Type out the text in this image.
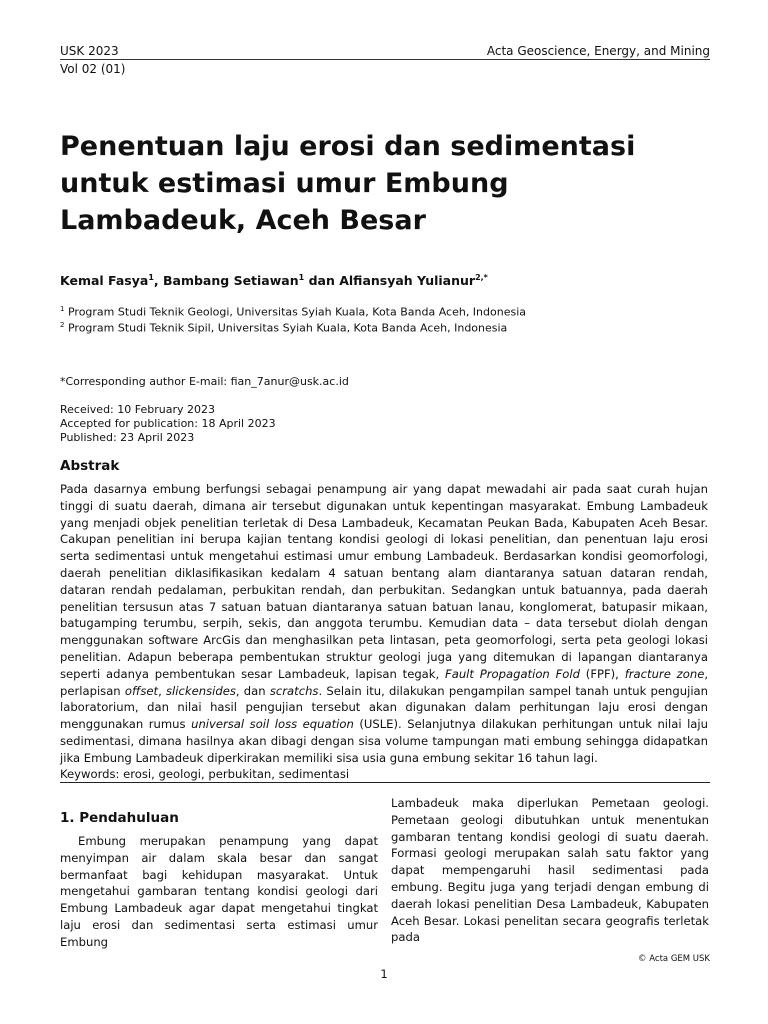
USK 2023	Acta Geoscience, Energy, and Mining
Vol 02 (01)
Penentuan laju erosi dan sedimentasi untuk estimasi umur Embung Lambadeuk, Aceh Besar
Kemal Fasya$^1$, Bambang Setiawan$^1$ dan Alfiansyah Yulianur$^{2,*}$
$^1$ Program Studi Teknik Geologi, Universitas Syiah Kuala, Kota Banda Aceh, Indonesia
$^2$ Program Studi Teknik Sipil, Universitas Syiah Kuala, Kota Banda Aceh, Indonesia
*Corresponding author E-mail: fian_7anur@usk.ac.id
Received: 10 February 2023
Accepted for publication: 18 April 2023
Published: 23 April 2023
Abstrak

Pada dasarnya embung berfungsi sebagai penampung air yang dapat mewadahi air pada saat curah hujan tinggi di suatu daerah, dimana air tersebut digunakan untuk kepentingan masyarakat. Embung Lambadeuk yang menjadi objek penelitian terletak di Desa Lambadeuk, Kecamatan Peukan Bada, Kabupaten Aceh Besar. Cakupan penelitian ini berupa kajian tentang kondisi geologi di lokasi penelitian, dan penentuan laju erosi serta sedimentasi untuk mengetahui estimasi umur embung Lambadeuk. Berdasarkan kondisi geomorfologi, daerah penelitian diklasifikasikan kedalam 4 satuan bentang alam diantaranya satuan dataran rendah, dataran rendah pedalaman, perbukitan rendah, dan perbukitan. Sedangkan untuk batuannya, pada daerah penelitian tersusun atas 7 satuan batuan diantaranya satuan batuan lanau, konglomerat, batupasir mikaan, batugamping terumbu, serpih, sekis, dan anggota terumbu. Kemudian data – data tersebut diolah dengan menggunakan software ArcGis dan menghasilkan peta lintasan, peta geomorfologi, serta peta geologi lokasi penelitian. Adapun beberapa pembentukan struktur geologi juga yang ditemukan di lapangan diantaranya seperti adanya pembentukan sesar Lambadeuk, lapisan tegak, Fault Propagation Fold (FPF), fracture zone, perlapisan offset, slickensides, dan scratchs. Selain itu, dilakukan pengampilan sampel tanah untuk pengujian laboratorium, dan nilai hasil pengujian tersebut akan digunakan dalam perhitungan laju erosi dengan menggunakan rumus universal soil loss equation (USLE). Selanjutnya dilakukan perhitungan untuk nilai laju sedimentasi, dimana hasilnya akan dibagi dengan sisa volume tampungan mati embung sehingga didapatkan jika Embung Lambadeuk diperkirakan memiliki sisa usia guna embung sekitar 16 tahun lagi.

Keywords: erosi, geologi, perbukitan, sedimentasi
1. Pendahuluan

Embung merupakan penampung yang dapat menyimpan air dalam skala besar dan sangat bermanfaat bagi kehidupan masyarakat. Untuk mengetahui gambaran tentang kondisi geologi dari Embung Lambadeuk agar dapat mengetahui tingkat laju erosi dan sedimentasi serta estimasi umur Embung

Lambadeuk maka diperlukan Pemetaan geologi. Pemetaan geologi dibutuhkan untuk menentukan gambaran tentang kondisi geologi di suatu daerah. Formasi geologi merupakan salah satu faktor yang dapat mempengaruhi hasil sedimentasi pada embung. Begitu juga yang terjadi dengan embung di daerah lokasi penelitian Desa Lambadeuk, Kabupaten Aceh Besar. Lokasi penelitan secara geografis terletak pada

© Acta GEM USK
1
